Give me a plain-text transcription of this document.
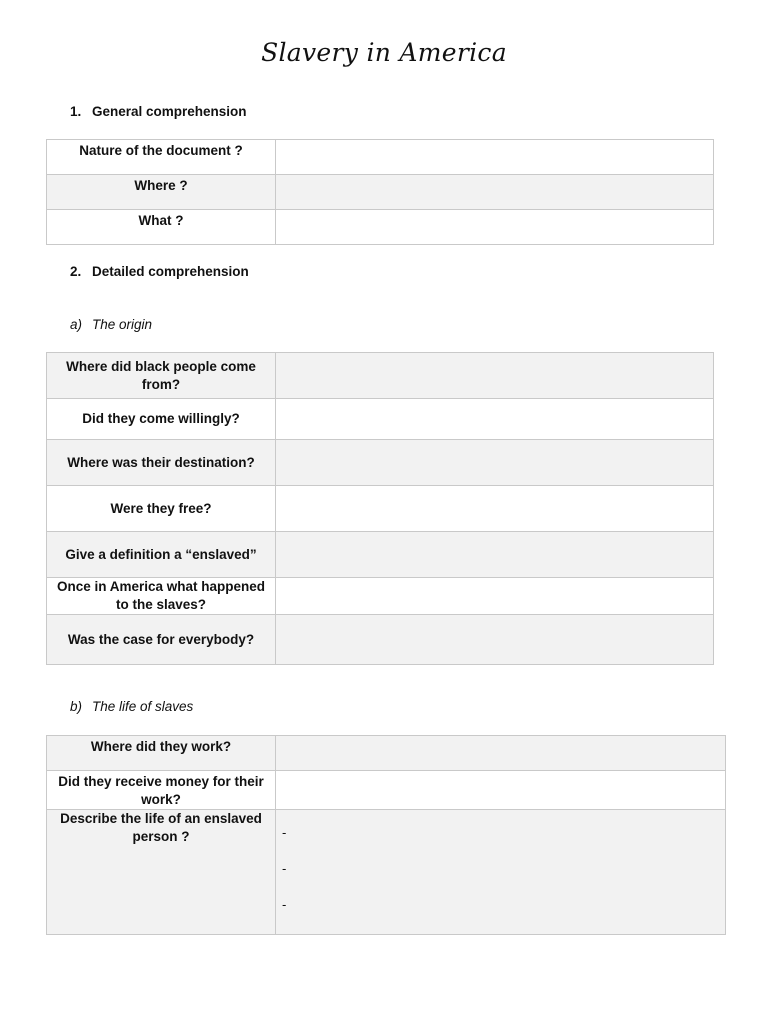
Slavery in America
1. General comprehension
Nature of the document ?	
Where ?	
What ?	
2. Detailed comprehension
a) The origin
Where did black people come from?	
Did they come willingly?	
Where was their destination?	
Were they free?	
Give a definition a “enslaved”	
Once in America what happened to the slaves?	
Was the case for everybody?	
b) The life of slaves
Where did they work?	
Did they receive money for their work?	
Describe the life of an enslaved person ?	-
-
-
